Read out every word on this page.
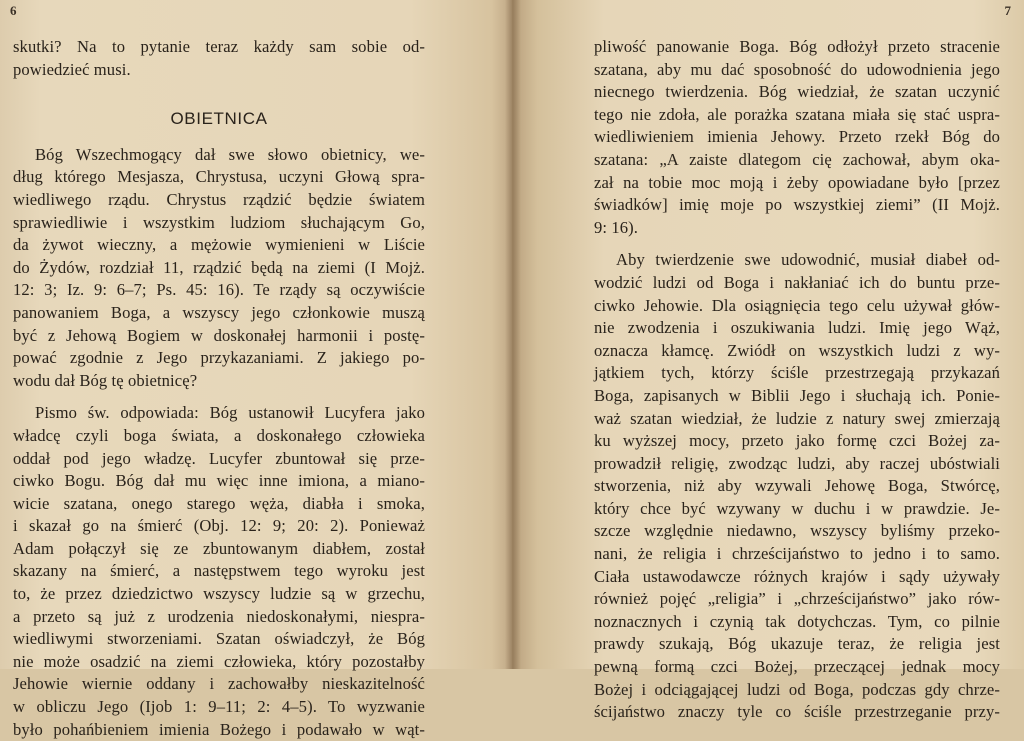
6
skutki? Na to pytanie teraz każdy sam sobie od-
powiedzieć musi.
OBIETNICA
Bóg Wszechmogący dał swe słowo obietnicy, we-
dług którego Mesjasza, Chrystusa, uczyni Głową spra-
wiedliwego rządu. Chrystus rządzić będzie światem
sprawiedliwie i wszystkim ludziom słuchającym Go,
da żywot wieczny, a mężowie wymienieni w Liście
do Żydów, rozdział 11, rządzić będą na ziemi (I Mojż.
12: 3; Iz. 9: 6–7; Ps. 45: 16). Te rządy są oczywiście
panowaniem Boga, a wszyscy jego członkowie muszą
być z Jehową Bogiem w doskonałej harmonii i postę-
pować zgodnie z Jego przykazaniami. Z jakiego po-
wodu dał Bóg tę obietnicę?
Pismo św. odpowiada: Bóg ustanowił Lucyfera jako
władcę czyli boga świata, a doskonałego człowieka
oddał pod jego władzę. Lucyfer zbuntował się prze-
ciwko Bogu. Bóg dał mu więc inne imiona, a miano-
wicie szatana, onego starego węża, diabła i smoka,
i skazał go na śmierć (Obj. 12: 9; 20: 2). Ponieważ
Adam połączył się ze zbuntowanym diabłem, został
skazany na śmierć, a następstwem tego wyroku jest
to, że przez dziedzictwo wszyscy ludzie są w grzechu,
a przeto są już z urodzenia niedoskonałymi, niespra-
wiedliwymi stworzeniami. Szatan oświadczył, że Bóg
nie może osadzić na ziemi człowieka, który pozostałby
Jehowie wiernie oddany i zachowałby nieskazitelność
w obliczu Jego (Ijob 1: 9–11; 2: 4–5). To wyzwanie
było pohańbieniem imienia Bożego i podawało w wąt-
7
pliwość panowanie Boga. Bóg odłożył przeto stracenie
szatana, aby mu dać sposobność do udowodnienia jego
niecnego twierdzenia. Bóg wiedział, że szatan uczynić
tego nie zdoła, ale porażka szatana miała się stać uspra-
wiedliwieniem imienia Jehowy. Przeto rzekł Bóg do
szatana: „A zaiste dlategom cię zachował, abym oka-
zał na tobie moc moją i żeby opowiadane było [przez
świadków] imię moje po wszystkiej ziemi” (II Mojż.
9: 16).
Aby twierdzenie swe udowodnić, musiał diabeł od-
wodzić ludzi od Boga i nakłaniać ich do buntu prze-
ciwko Jehowie. Dla osiągnięcia tego celu używał głów-
nie zwodzenia i oszukiwania ludzi. Imię jego Wąż,
oznacza kłamcę. Zwiódł on wszystkich ludzi z wy-
jątkiem tych, którzy ściśle przestrzegają przykazań
Boga, zapisanych w Biblii Jego i słuchają ich. Ponie-
waż szatan wiedział, że ludzie z natury swej zmierzają
ku wyższej mocy, przeto jako formę czci Bożej za-
prowadził religię, zwodząc ludzi, aby raczej ubóstwiali
stworzenia, niż aby wzywali Jehowę Boga, Stwórcę,
który chce być wzywany w duchu i w prawdzie. Je-
szcze względnie niedawno, wszyscy byliśmy przeko-
nani, że religia i chrześcijaństwo to jedno i to samo.
Ciała ustawodawcze różnych krajów i sądy używały
również pojęć „religia” i „chrześcijaństwo” jako rów-
noznacznych i czynią tak dotychczas. Tym, co pilnie
prawdy szukają, Bóg ukazuje teraz, że religia jest
pewną formą czci Bożej, przeczącej jednak mocy
Bożej i odciągającej ludzi od Boga, podczas gdy chrze-
ścijaństwo znaczy tyle co ściśle przestrzeganie przy-
